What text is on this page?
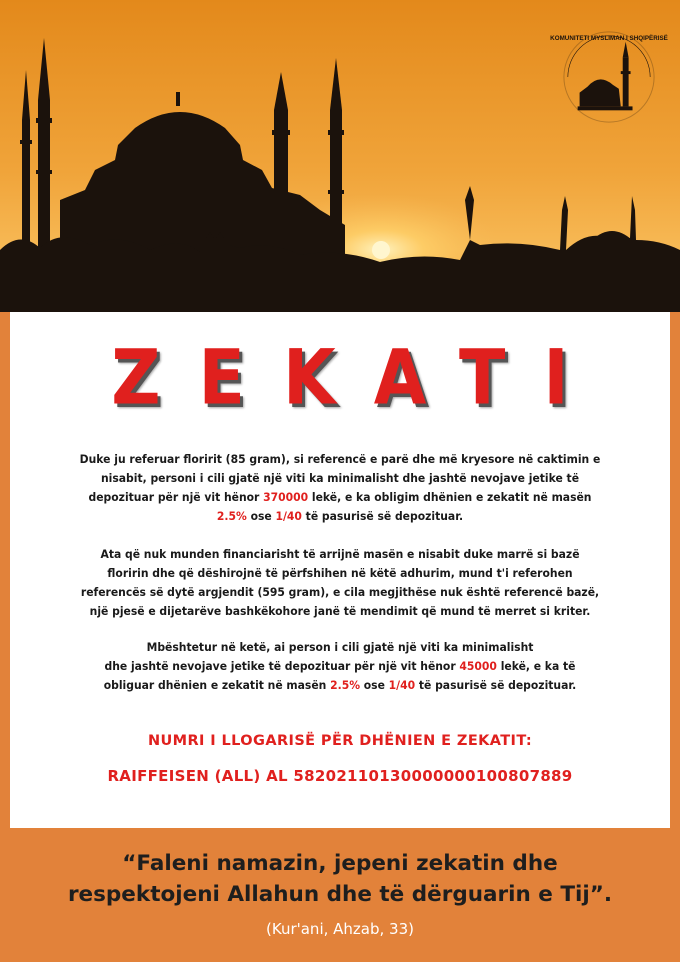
KOMUNITETI MYSLIMAN I SHQIPËRISË
ZEKATI
Duke ju referuar floririt (85 gram), si referencë e parë dhe më kryesore në caktimin e nisabit, personi i cili gjatë një viti ka minimalisht dhe jashtë nevojave jetike të depozituar për një vit hënor 370000 lekë, e ka obligim dhënien e zekatit në masën
2.5% ose 1/40 të pasurisë së depozituar.
Ata që nuk munden financiarisht të arrijnë masën e nisabit duke marrë si bazë floririn dhe që dëshirojnë të përfshihen në këtë adhurim, mund t'i referohen referencës së dytë argjendit (595 gram), e cila megjithëse nuk është referencë bazë, një pjesë e dijetarëve bashkëkohore janë të mendimit që mund të merret si kriter.
Mbështetur në ketë, ai person i cili gjatë një viti ka minimalisht
dhe jashtë nevojave jetike të depozituar për një vit hënor 45000 lekë, e ka të obliguar dhënien e zekatit në masën 2.5% ose 1/40 të pasurisë së depozituar.
NUMRI I LLOGARISË PËR DHËNIEN E ZEKATIT:
RAIFFEISEN (ALL) AL 58202110130000000100807889
“Faleni namazin, jepeni zekatin dhe
respektojeni Allahun dhe të dërguarin e Tij”.
(Kur'ani, Ahzab, 33)
